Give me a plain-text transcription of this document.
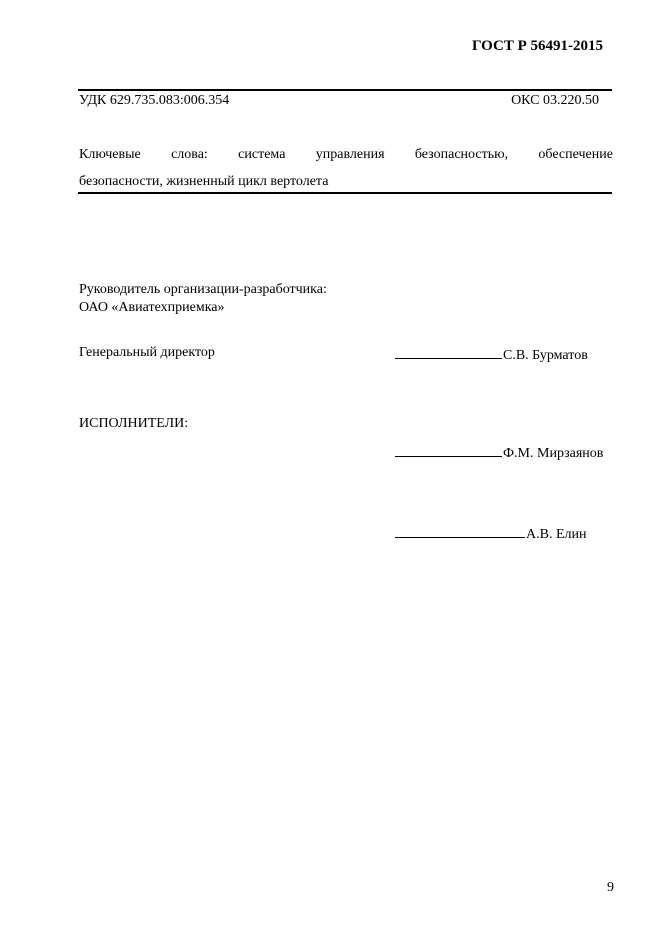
ГОСТ Р 56491-2015
УДК 629.735.083:006.354	ОКС 03.220.50
Ключевые слова: система управления безопасностью, обеспечение
безопасности, жизненный цикл вертолета
Руководитель организации-разработчика:
ОАО «Авиатехприемка»
Генеральный директор	С.В. Бурматов
ИСПОЛНИТЕЛИ:
Ф.М. Мирзаянов
А.В. Елин
9
